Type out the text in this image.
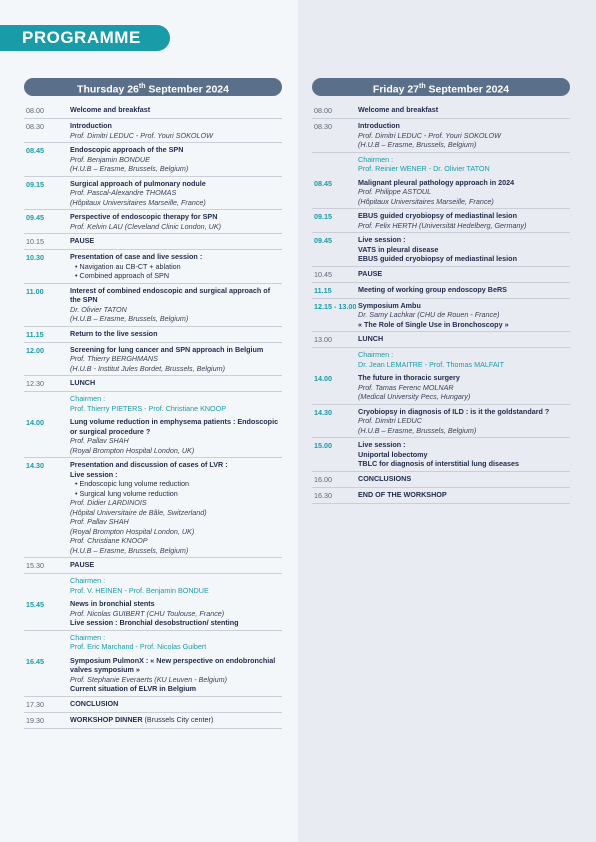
PROGRAMME
Thursday 26th September 2024
08.00	Welcome and breakfast
08.30	Introduction
Prof. Dimitri LEDUC - Prof. Youri SOKOLOW
08.45	Endoscopic approach of the SPN
Prof. Benjamin BONDUE
(H.U.B – Erasme, Brussels, Belgium)
09.15	Surgical approach of pulmonary nodule
Prof. Pascal-Alexandre THOMAS
(Hôpitaux Universitaires Marseille, France)
09.45	Perspective of endoscopic therapy for SPN
Prof. Kelvin LAU (Cleveland Clinic London, UK)
10.15	PAUSE
10.30	Presentation of case and live session :
• Navigation au CB-CT + ablation
• Combined approach of SPN
11.00	Interest of combined endoscopic and surgical approach of the SPN
Dr. Olivier TATON
(H.U.B – Erasme, Brussels, Belgium)
11.15	Return to the live session
12.00	Screening for lung cancer and SPN approach in Belgium
Prof. Thierry BERGHMANS
(H.U.B - Institut Jules Bordet, Brussels, Belgium)
12.30	LUNCH
Chairmen :
Prof. Thierry PIETERS - Prof. Christiane KNOOP
14.00	Lung volume reduction in emphysema patients : Endoscopic or surgical procedure ?
Prof. Pallav SHAH
(Royal Brompton Hospital London, UK)
14.30	Presentation and discussion of cases of LVR :
Live session :
• Endoscopic lung volume reduction
• Surgical lung volume reduction
Prof. Didier LARDINOIS
(Hôpital Universitaire de Bâle, Switzerland)
Prof. Pallav SHAH
(Royal Brompton Hospital London, UK)
Prof. Christiane KNOOP
(H.U.B – Erasme, Brussels, Belgium)
15.30	PAUSE
Chairmen :
Prof. V. HEINEN - Prof. Benjamin BONDUE
15.45	News in bronchial stents
Prof. Nicolas GUIBERT (CHU Toulouse, France)
Live session : Bronchial desobstruction/ stenting
Chairmen :
Prof. Eric Marchand - Prof. Nicolas Guibert
16.45	Symposium PulmonX : « New perspective on endobronchial valves symposium »
Prof. Stephanie Everaerts (KU Leuven - Belgium)
Current situation of ELVR in Belgium
17.30	CONCLUSION
19.30	WORKSHOP DINNER (Brussels City center)
Friday 27th September 2024
08.00	Welcome and breakfast
08.30	Introduction
Prof. Dimitri LEDUC - Prof. Youri SOKOLOW
(H.U.B – Erasme, Brussels, Belgium)
Chairmen :
Prof. Reinier WENER - Dr. Olivier TATON
08.45	Malignant pleural pathology approach in 2024
Prof. Philippe ASTOUL
(Hôpitaux Universitaires Marseille, France)
09.15	EBUS guided cryobiopsy of mediastinal lesion
Prof. Felix HERTH (Universität Hedelberg, Germany)
09.45	Live session :
VATS in pleural disease
EBUS guided cryobiopsy of mediastinal lesion
10.45	PAUSE
11.15	Meeting of working group endoscopy BeRS
12.15 - 13.00 Symposium Ambu
Dr. Samy Lachkar (CHU de Rouen - France)
« The Role of Single Use in Bronchoscopy »
13.00	LUNCH
Chairmen :
Dr. Jean LEMAITRE - Prof. Thomas MALFAIT
14.00	The future in thoracic surgery
Prof. Tamas Ferenc MOLNAR
(Medical University Pecs, Hungary)
14.30	Cryobiopsy in diagnosis of ILD : is it the goldstandard ?
Prof. Dimitri LEDUC
(H.U.B – Erasme, Brussels, Belgium)
15.00	Live session :
Uniportal lobectomy
TBLC for diagnosis of interstitial lung diseases
16.00	CONCLUSIONS
16.30	END OF THE WORKSHOP
